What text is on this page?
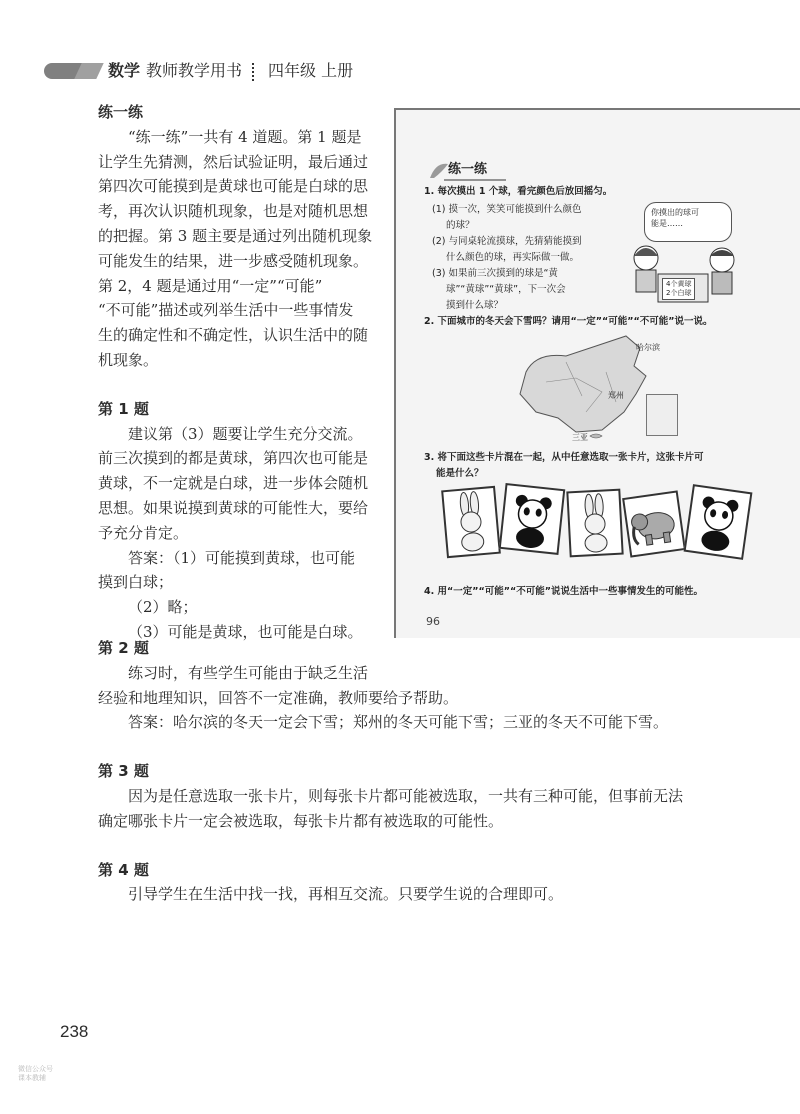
数学 教师教学用书 四年级 上册

练一练

“练一练”一共有 4 道题。第 1 题是

让学生先猜测，然后试验证明，最后通过

第四次可能摸到是黄球也可能是白球的思

考，再次认识随机现象，也是对随机思想

的把握。第 3 题主要是通过列出随机现象

可能发生的结果，进一步感受随机现象。

第 2，4 题是通过用“一定”“可能”

“不可能”描述或列举生活中一些事情发

生的确定性和不确定性，认识生活中的随

机现象。

第 1 题

建议第（3）题要让学生充分交流。

前三次摸到的都是黄球，第四次也可能是

黄球，不一定就是白球，进一步体会随机

思想。如果说摸到黄球的可能性大，要给

予充分肯定。

答案：（1）可能摸到黄球，也可能

摸到白球；

（2）略；

（3）可能是黄球，也可能是白球。

第 2 题

练习时，有些学生可能由于缺乏生活

经验和地理知识，回答不一定准确，教师要给予帮助。

答案：哈尔滨的冬天一定会下雪；郑州的冬天可能下雪；三亚的冬天不可能下雪。

第 3 题

因为是任意选取一张卡片，则每张卡片都可能被选取，一共有三种可能，但事前无法

确定哪张卡片一定会被选取，每张卡片都有被选取的可能性。

第 4 题

引导学生在生活中找一找，再相互交流。只要学生说的合理即可。

练一练
1. 每次摸出 1 个球，看完颜色后放回摇匀。
(1) 摸一次，笑笑可能摸到什么颜色
的球？
(2) 与同桌轮流摸球，先猜猜能摸到
什么颜色的球，再实际做一做。
(3) 如果前三次摸到的球是“黄
球”“黄球”“黄球”，下一次会
摸到什么球？
你摸出的球可
能是……
4个黄球
2个白球
2. 下面城市的冬天会下雪吗？请用“一定”“可能”“不可能”说一说。
哈尔滨
郑州
三亚
3. 将下面这些卡片混在一起，从中任意选取一张卡片，这张卡片可
能是什么？
4. 用“一定”“可能”“不可能”说说生活中一些事情发生的可能性。
96
238
微信公众号
课本教辅
